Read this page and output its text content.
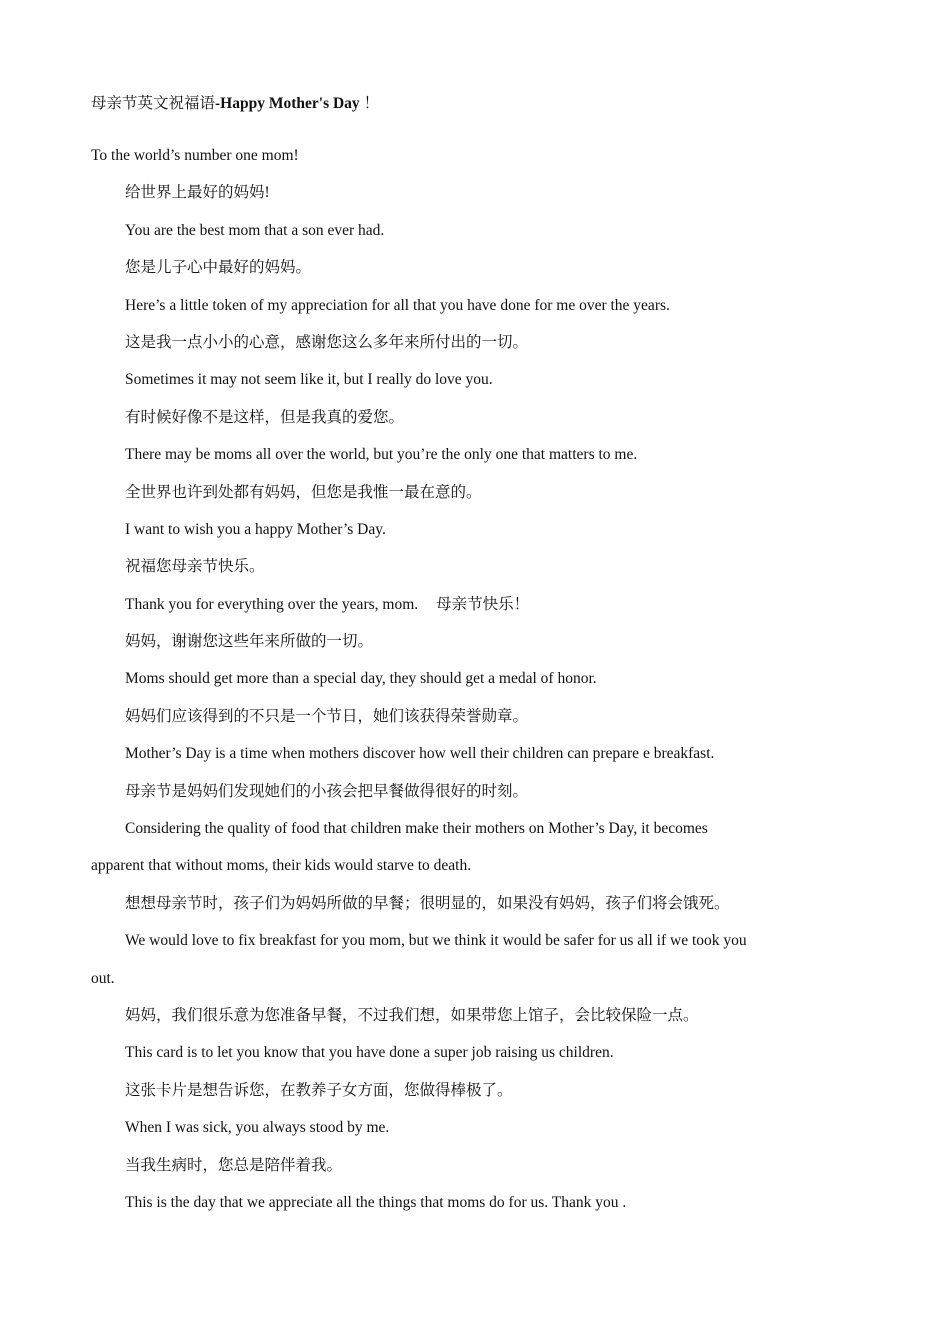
母亲节英文祝福语-Happy Mother's Day ！
To the world’s number one mom!
给世界上最好的妈妈!
You are the best mom that a son ever had.
您是儿子心中最好的妈妈。
Here’s a little token of my appreciation for all that you have done for me over the years.
这是我一点小小的心意，感谢您这么多年来所付出的一切。
Sometimes it may not seem like it, but I really do love you.
有时候好像不是这样，但是我真的爱您。
There may be moms all over the world, but you’re the only one that matters to me.
全世界也许到处都有妈妈，但您是我惟一最在意的。
I want to wish you a happy Mother’s Day.
祝福您母亲节快乐。
Thank you for everything over the years, mom. 母亲节快乐！
妈妈，谢谢您这些年来所做的一切。
Moms should get more than a special day, they should get a medal of honor.
妈妈们应该得到的不只是一个节日，她们该获得荣誉勋章。
Mother’s Day is a time when mothers discover how well their children can prepare e breakfast.
母亲节是妈妈们发现她们的小孩会把早餐做得很好的时刻。
Considering the quality of food that children make their mothers on Mother’s Day, it becomes
apparent that without moms, their kids would starve to death.
想想母亲节时，孩子们为妈妈所做的早餐；很明显的，如果没有妈妈，孩子们将会饿死。
We would love to fix breakfast for you mom, but we think it would be safer for us all if we took you
out.
妈妈，我们很乐意为您准备早餐，不过我们想，如果带您上馆子，会比较保险一点。
This card is to let you know that you have done a super job raising us children.
这张卡片是想告诉您，在教养子女方面，您做得棒极了。
When I was sick, you always stood by me.
当我生病时，您总是陪伴着我。
This is the day that we appreciate all the things that moms do for us. Thank you .
